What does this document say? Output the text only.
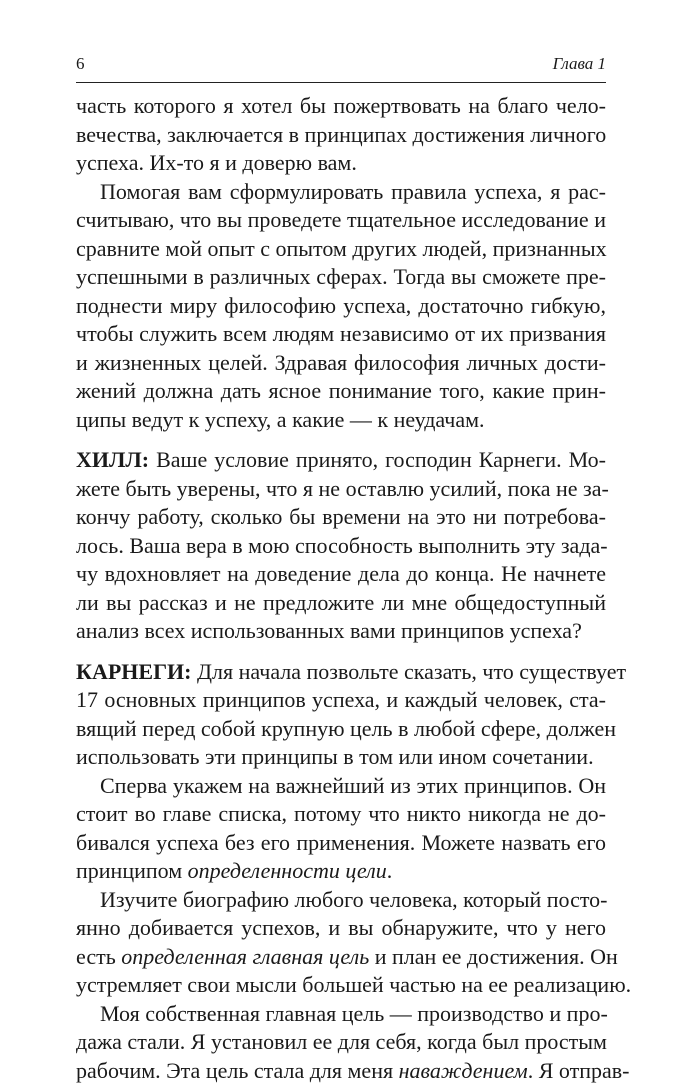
6	Глава 1
часть которого я хотел бы пожертвовать на благо чело-
вечества, заключается в принципах достижения личного
успеха. Их-то я и доверю вам.
Помогая вам сформулировать правила успеха, я рас-
считываю, что вы проведете тщательное исследование и
сравните мой опыт с опытом других людей, признанных
успешными в различных сферах. Тогда вы сможете пре-
поднести миру философию успеха, достаточно гибкую,
чтобы служить всем людям независимо от их призвания
и жизненных целей. Здравая философия личных дости-
жений должна дать ясное понимание того, какие прин-
ципы ведут к успеху, а какие — к неудачам.
ХИЛЛ: Ваше условие принято, господин Карнеги. Мо-
жете быть уверены, что я не оставлю усилий, пока не за-
кончу работу, сколько бы времени на это ни потребова-
лось. Ваша вера в мою способность выполнить эту зада-
чу вдохновляет на доведение дела до конца. Не начнете
ли вы рассказ и не предложите ли мне общедоступный
анализ всех использованных вами принципов успеха?
КАРНЕГИ: Для начала позвольте сказать, что существует
17 основных принципов успеха, и каждый человек, ста-
вящий перед собой крупную цель в любой сфере, должен
использовать эти принципы в том или ином сочетании.
Сперва укажем на важнейший из этих принципов. Он
стоит во главе списка, потому что никто никогда не до-
бивался успеха без его применения. Можете назвать его
принципом определенности цели.
Изучите биографию любого человека, который посто-
янно добивается успехов, и вы обнаружите, что у него
есть определенная главная цель и план ее достижения. Он
устремляет свои мысли большей частью на ее реализацию.
Моя собственная главная цель — производство и про-
дажа стали. Я установил ее для себя, когда был простым
рабочим. Эта цель стала для меня наваждением. Я отправ-
